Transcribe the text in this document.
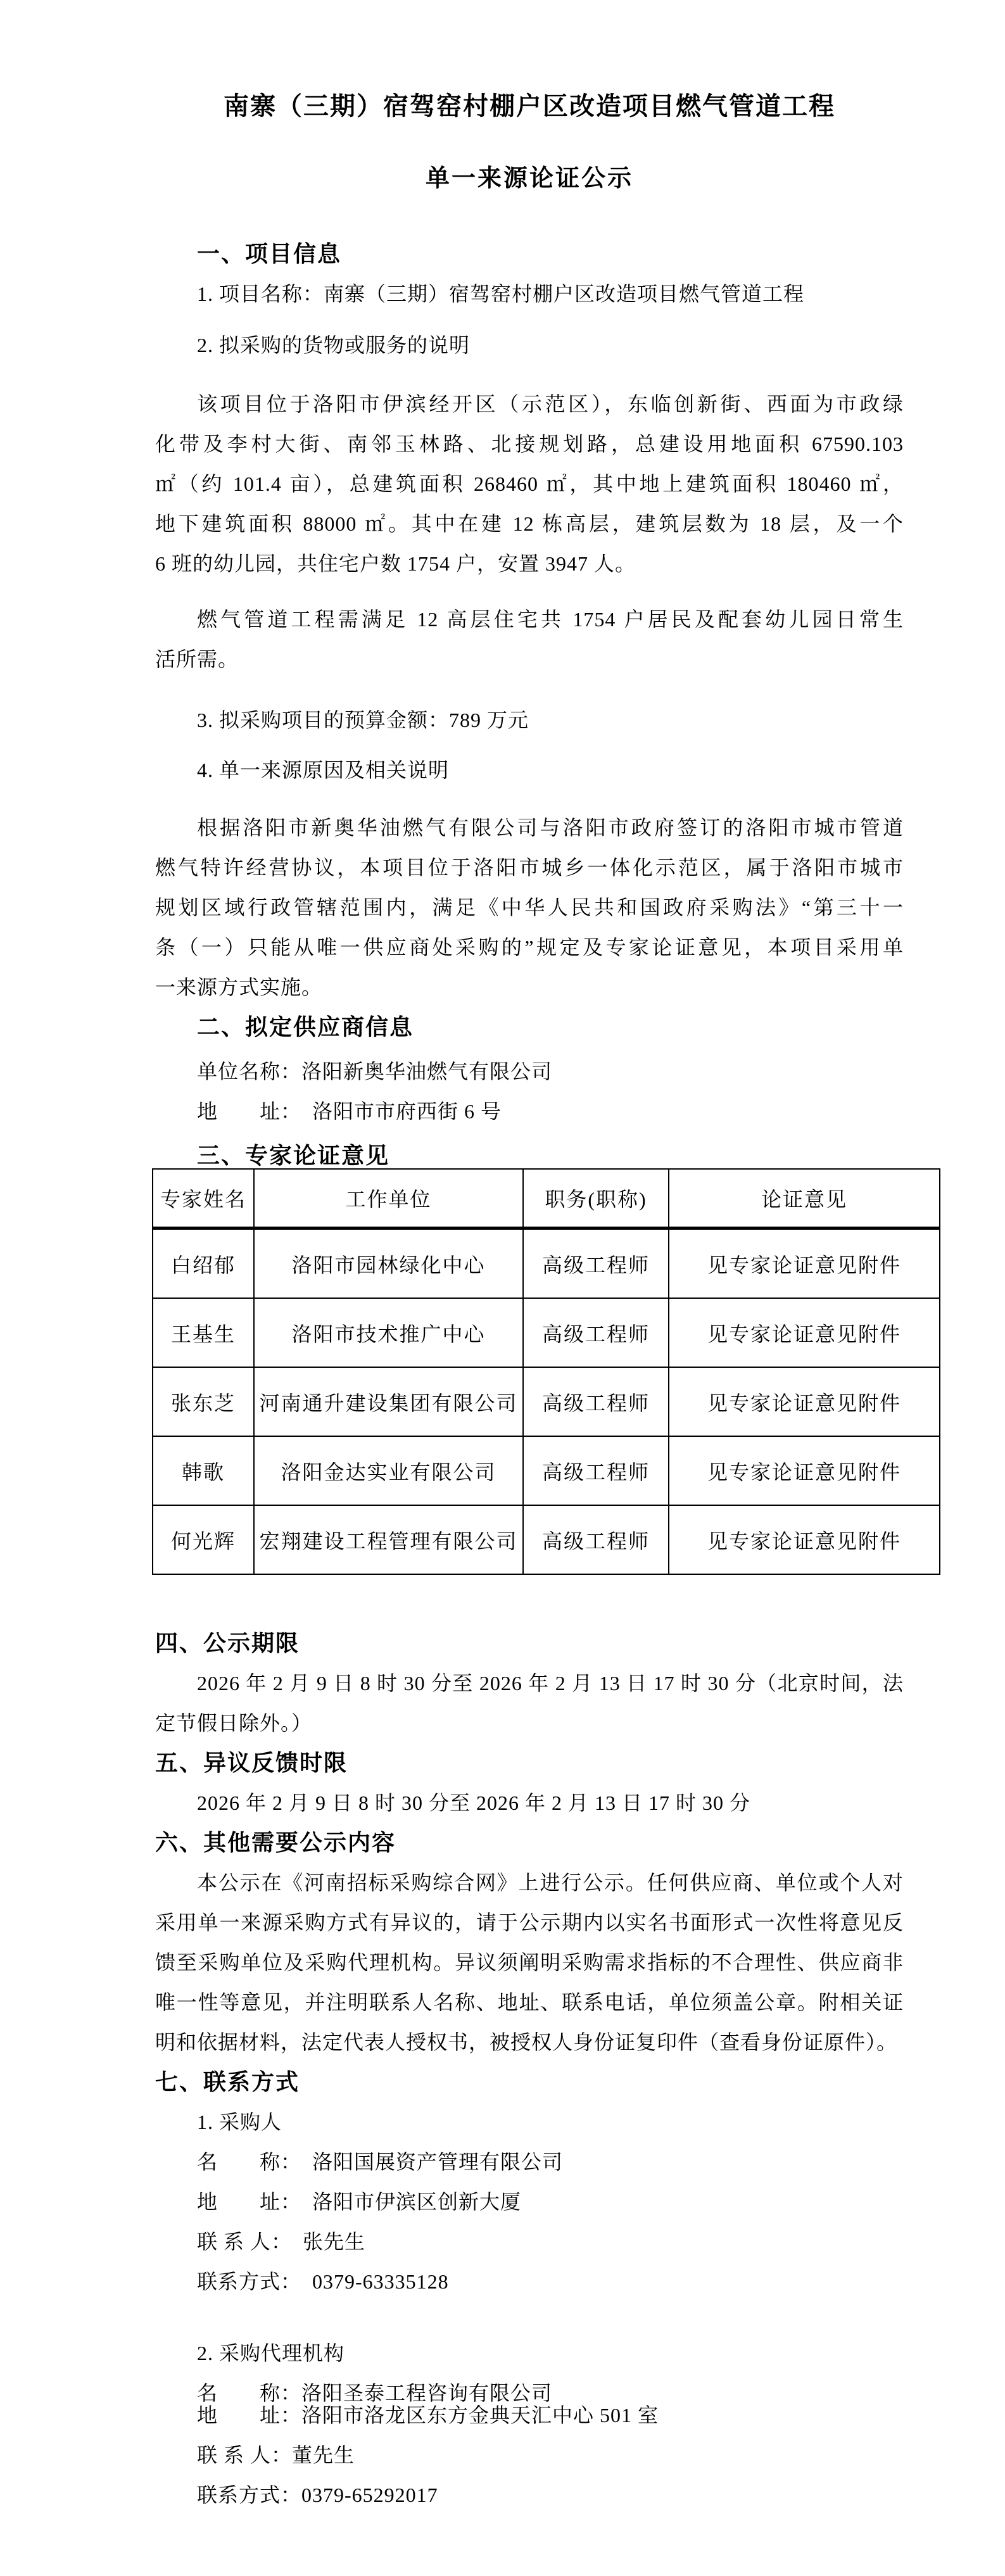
南寨（三期）宿驾窑村棚户区改造项目燃气管道工程
单一来源论证公示
一、项目信息
1. 项目名称：南寨（三期）宿驾窑村棚户区改造项目燃气管道工程
2. 拟采购的货物或服务的说明
该项目位于洛阳市伊滨经开区（示范区），东临创新街、西面为市政绿
化带及李村大街、南邻玉林路、北接规划路，总建设用地面积 67590.103
㎡（约 101.4 亩），总建筑面积 268460 ㎡，其中地上建筑面积 180460 ㎡，
地下建筑面积 88000 ㎡。其中在建 12 栋高层，建筑层数为 18 层，及一个
6 班的幼儿园，共住宅户数 1754 户，安置 3947 人。
燃气管道工程需满足 12 高层住宅共 1754 户居民及配套幼儿园日常生
活所需。
3. 拟采购项目的预算金额：789 万元
4. 单一来源原因及相关说明
根据洛阳市新奥华油燃气有限公司与洛阳市政府签订的洛阳市城市管道
燃气特许经营协议，本项目位于洛阳市城乡一体化示范区，属于洛阳市城市
规划区域行政管辖范围内，满足《中华人民共和国政府采购法》“第三十一
条（一）只能从唯一供应商处采购的”规定及专家论证意见，本项目采用单
一来源方式实施。
二、拟定供应商信息
单位名称：洛阳新奥华油燃气有限公司
地　　址：　洛阳市市府西街 6 号
三、专家论证意见
专家姓名	工作单位	职务(职称)	论证意见
白绍郁	洛阳市园林绿化中心	高级工程师	见专家论证意见附件
王基生	洛阳市技术推广中心	高级工程师	见专家论证意见附件
张东芝	河南通升建设集团有限公司	高级工程师	见专家论证意见附件
韩歌	洛阳金达实业有限公司	高级工程师	见专家论证意见附件
何光辉	宏翔建设工程管理有限公司	高级工程师	见专家论证意见附件
四、公示期限
2026 年 2 月 9 日 8 时 30 分至 2026 年 2 月 13 日 17 时 30 分（北京时间，法
定节假日除外。）
五、异议反馈时限
2026 年 2 月 9 日 8 时 30 分至 2026 年 2 月 13 日 17 时 30 分
六、其他需要公示内容
本公示在《河南招标采购综合网》上进行公示。任何供应商、单位或个人对
采用单一来源采购方式有异议的，请于公示期内以实名书面形式一次性将意见反
馈至采购单位及采购代理机构。异议须阐明采购需求指标的不合理性、供应商非
唯一性等意见，并注明联系人名称、地址、联系电话，单位须盖公章。附相关证
明和依据材料，法定代表人授权书，被授权人身份证复印件（查看身份证原件）。
七、联系方式
1. 采购人
名　　称：　洛阳国展资产管理有限公司
地　　址：　洛阳市伊滨区创新大厦
联 系 人：　张先生
联系方式：　0379-63335128
2. 采购代理机构
名　　称：洛阳圣泰工程咨询有限公司
地　　址：洛阳市洛龙区东方金典天汇中心 501 室
联 系 人：董先生
联系方式：0379-65292017
